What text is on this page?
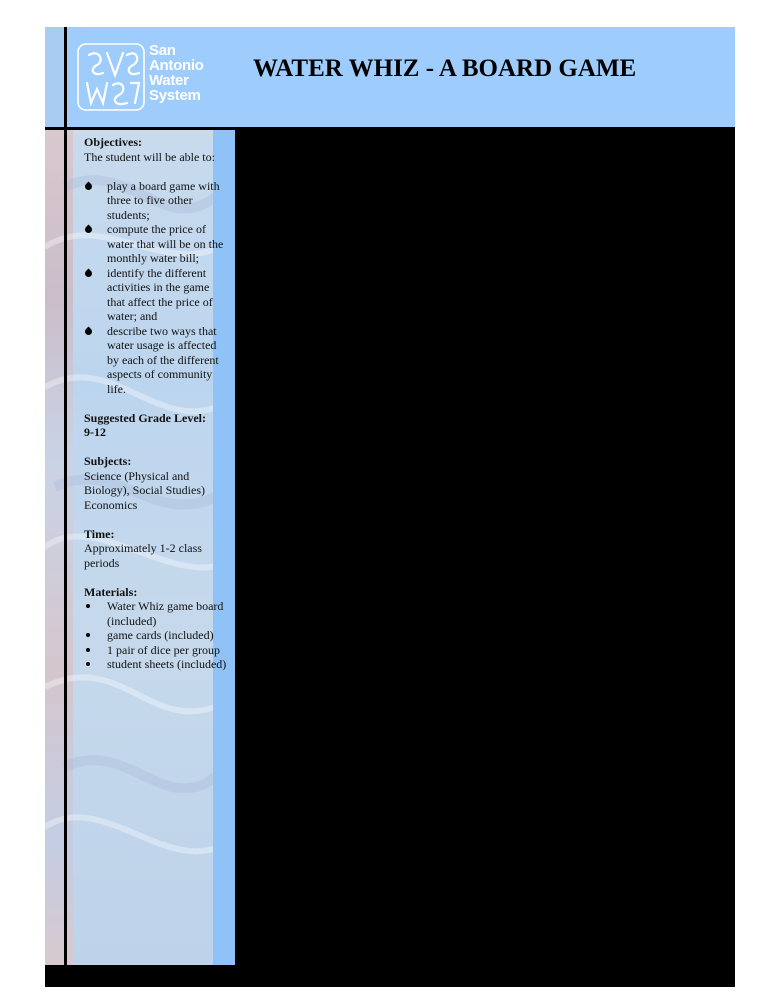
San
Antonio
Water
System
WATER WHIZ - A BOARD GAME

Objectives:

The student will be able to:

play a board game with three to five other students;
compute the price of water that will be on the monthly water bill;
identify the different activities in the game that affect the price of water; and
describe two ways that water usage is affected by each of the different aspects of community life.

Suggested Grade Level:

9-12

Subjects:

Science (Physical and Biology), Social Studies) Economics

Time:

Approximately 1-2 class periods

Materials:

Water Whiz game board (included)
game cards (included)
1 pair of dice per group
student sheets (included)
